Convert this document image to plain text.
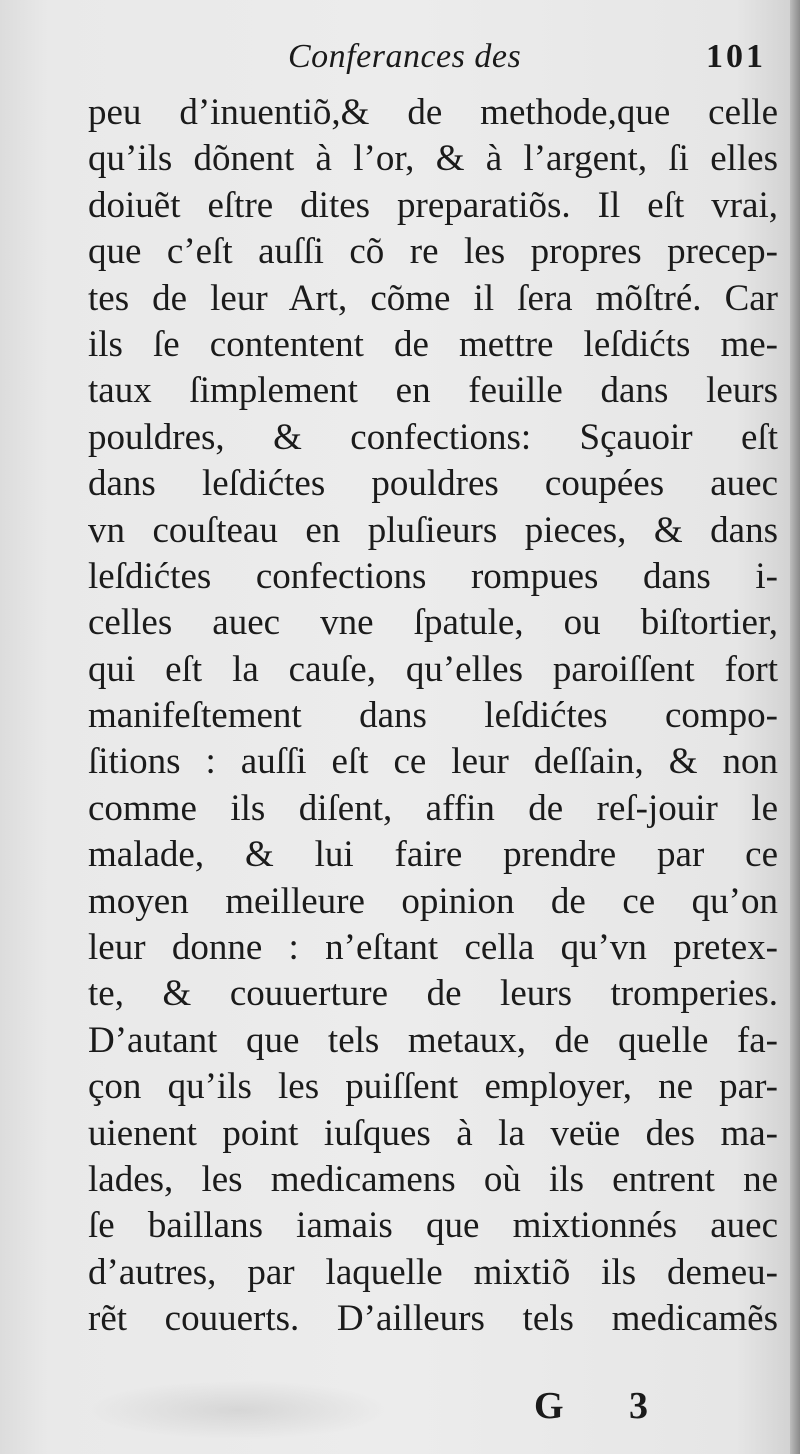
Conferances des	101
peu d’inuentiõ,& de methode,que celle
qu’ils dõnent à l’or, & à l’argent, ſi elles
doiuẽt eſtre dites preparatiõs. Il eſt vrai,
que c’eſt auſſi cõ re les propres precep-
tes de leur Art, cõme il ſera mõſtré. Car
ils ſe contentent de mettre leſdićts me-
taux ſimplement en feuille dans leurs
pouldres, & confections: Sçauoir eſt
dans leſdićtes pouldres coupées auec
vn couſteau en pluſieurs pieces, & dans
leſdićtes confections rompues dans i-
celles auec vne ſpatule, ou biſtortier,
qui eſt la cauſe, qu’elles paroiſſent fort
manifeſtement dans leſdićtes compo-
ſitions : auſſi eſt ce leur deſſain, & non
comme ils diſent, affin de reſ-jouir le
malade, & lui faire prendre par ce
moyen meilleure opinion de ce qu’on
leur donne : n’eſtant cella qu’vn pretex-
te, & couuerture de leurs tromperies.
D’autant que tels metaux, de quelle fa-
çon qu’ils les puiſſent employer, ne par-
uienent point iuſques à la veüe des ma-
lades, les medicamens où ils entrent ne
ſe baillans iamais que mixtionnés auec
d’autres, par laquelle mixtiõ ils demeu-
rẽt couuerts. D’ailleurs tels medicamẽs
G 3
